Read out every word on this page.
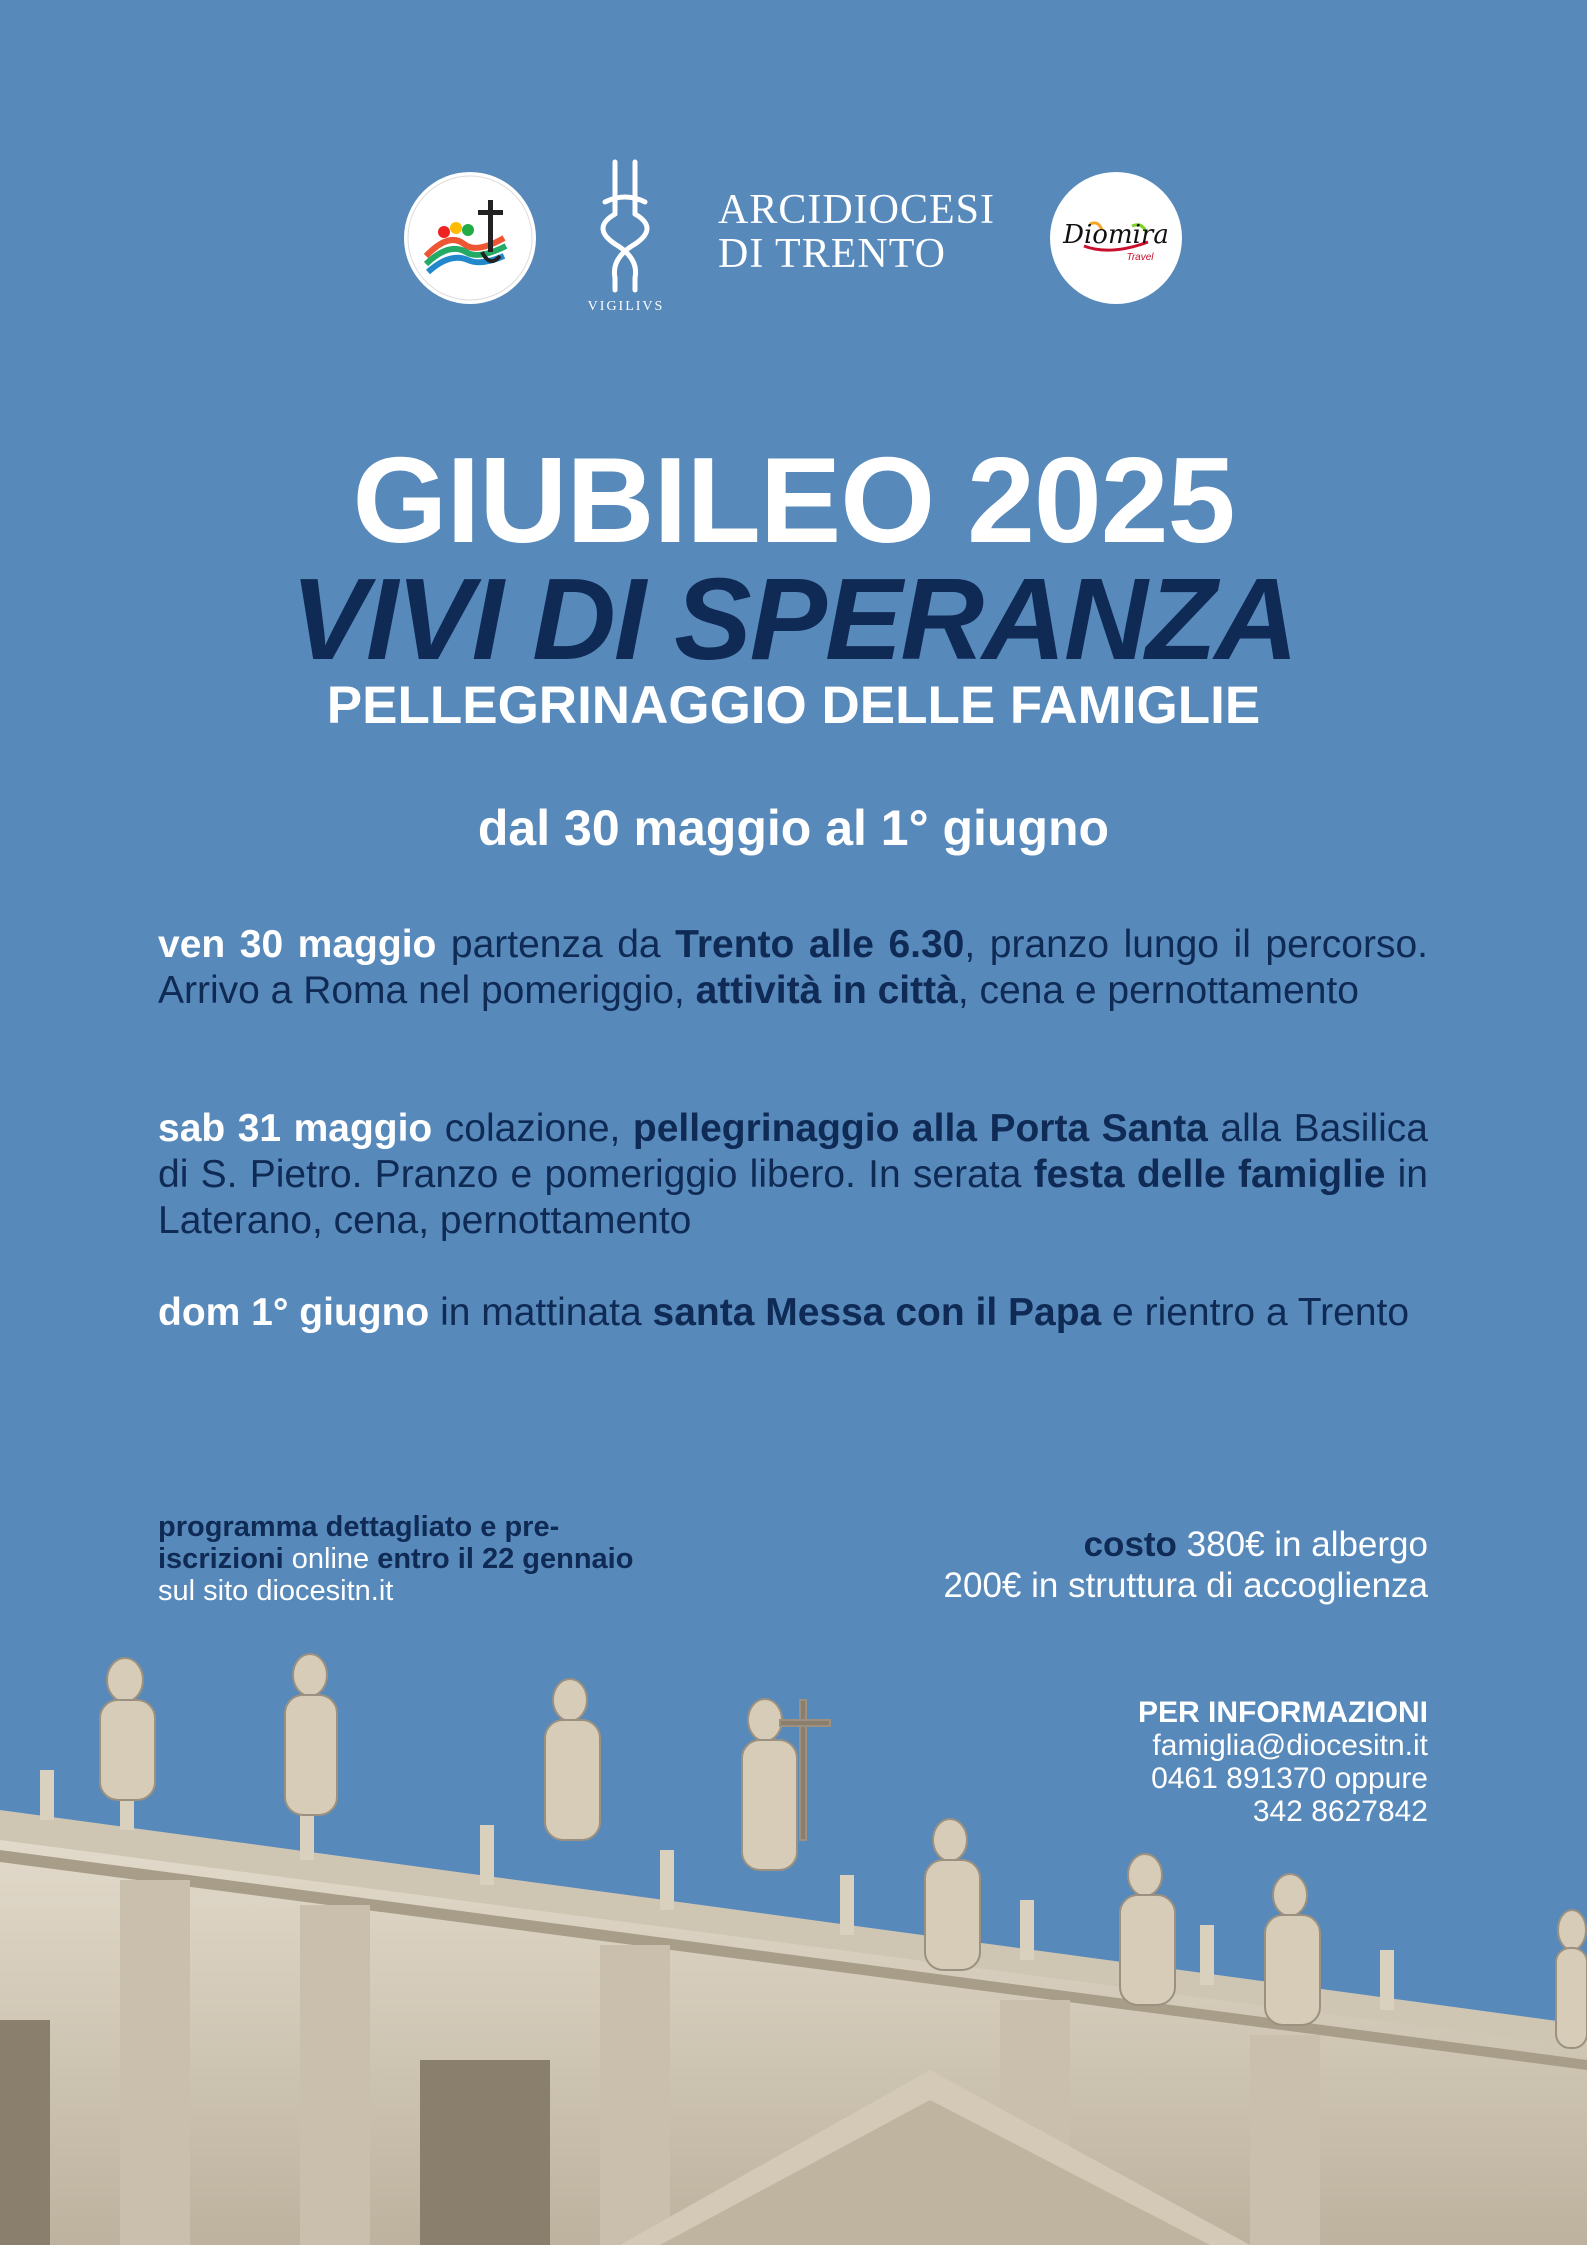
VIGILIVS
ARCIDIOCESI
DI TRENTO	Diomira
Travel
GIUBILEO 2025
VIVI DI SPERANZA
PELLEGRINAGGIO DELLE FAMIGLIE
dal 30 maggio al 1° giugno
ven 30 maggio partenza da Trento alle 6.30, pranzo lungo il percorso. Arrivo a Roma nel pomeriggio, attività in città, cena e pernottamento
sab 31 maggio colazione, pellegrinaggio alla Porta Santa alla Basilica di S. Pietro. Pranzo e pomeriggio libero. In serata festa delle famiglie in Laterano, cena, pernottamento
dom 1° giugno in mattinata santa Messa con il Papa e rientro a Trento
programma dettagliato e pre-iscrizioni online entro il 22 gennaio sul sito diocesitn.it
costo 380€ in albergo
200€ in struttura di accoglienza
PER INFORMAZIONI
famiglia@diocesitn.it
0461 891370 oppure
342 8627842
